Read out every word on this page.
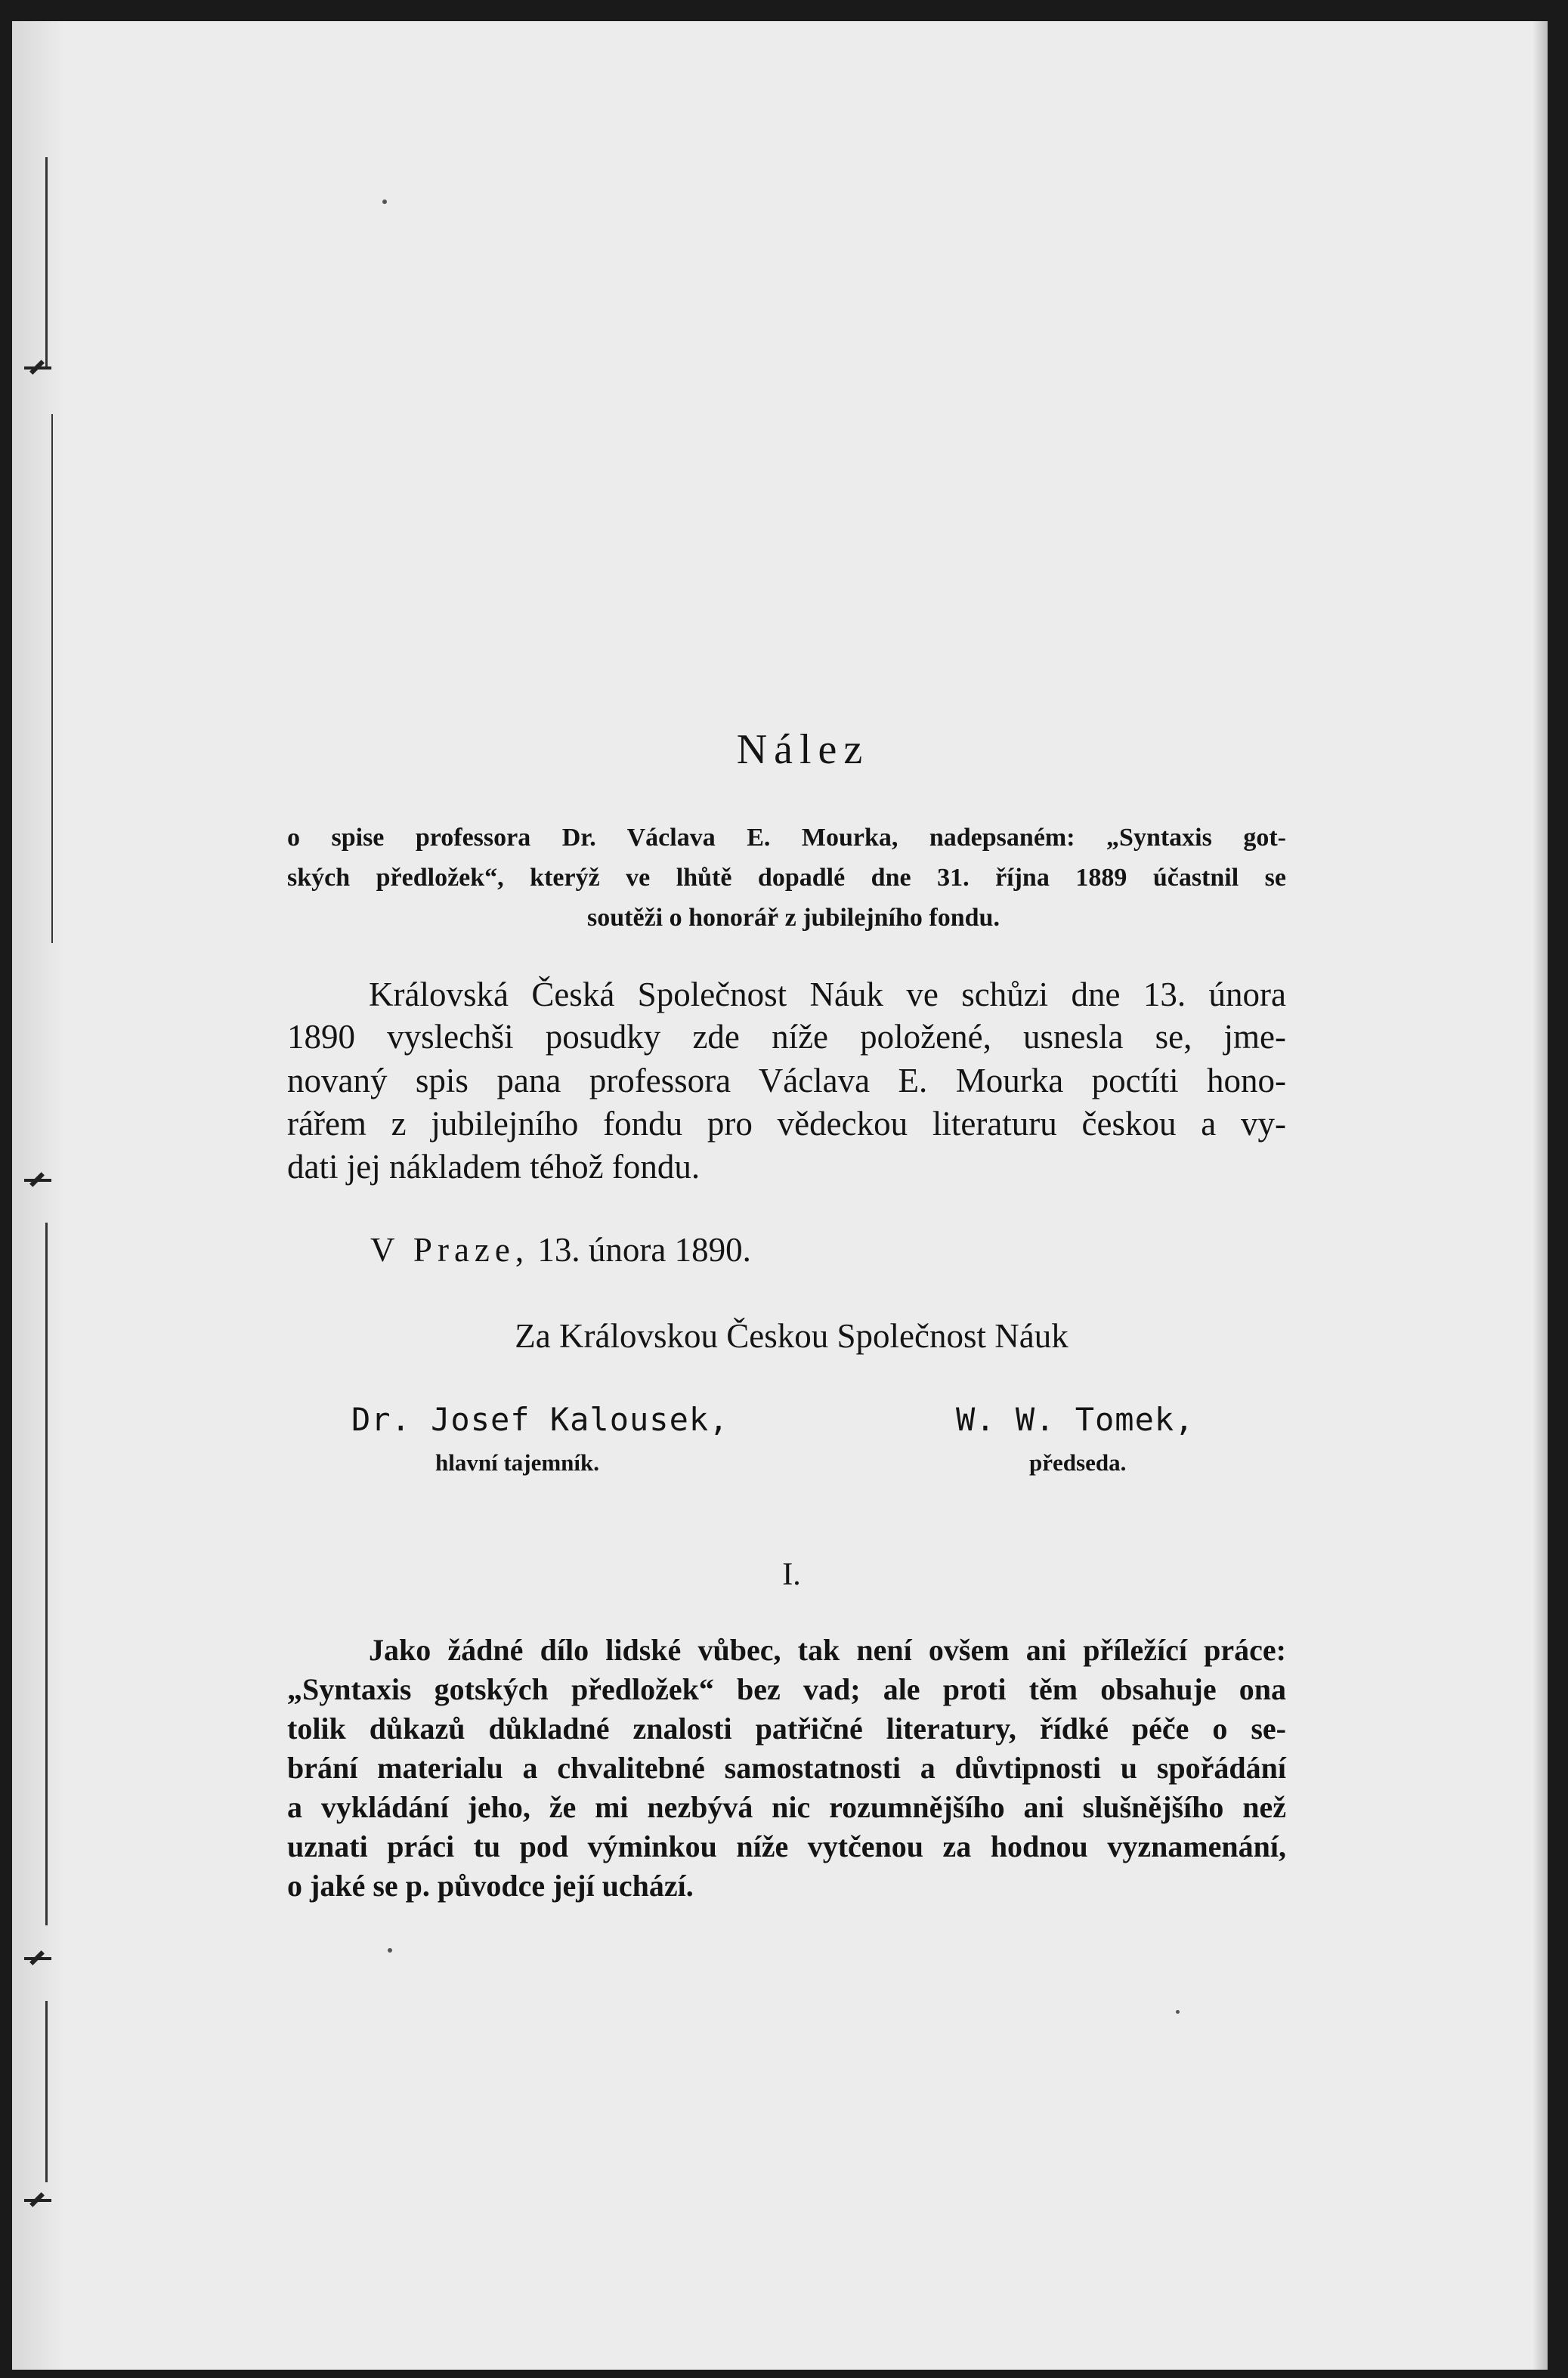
Nález
o spise professora Dr. Václava E. Mourka, nadepsaném: „Syntaxis got-
ských předložek“, kterýž ve lhůtě dopadlé dne 31. října 1889 účastnil se
soutěži o honorář z jubilejního fondu.
Královská Česká Společnost Náuk ve schůzi dne 13. února
1890 vyslechši posudky zde níže položené, usnesla se, jme-
novaný spis pana professora Václava E. Mourka poctíti hono-
rářem z jubilejního fondu pro vědeckou literaturu českou a vy-
dati jej nákladem téhož fondu.
V Praze, 13. února 1890.
Za Královskou Českou Společnost Náuk
Dr. Josef Kalousek,
hlavní tajemník.
W. W. Tomek,
předseda.
I.
Jako žádné dílo lidské vůbec, tak není ovšem ani příležící práce:
„Syntaxis gotských předložek“ bez vad; ale proti těm obsahuje ona
tolik důkazů důkladné znalosti patřičné literatury, řídké péče o se-
brání materialu a chvalitebné samostatnosti a důvtipnosti u spořádání
a vykládání jeho, že mi nezbývá nic rozumnějšího ani slušnějšího než
uznati práci tu pod výminkou níže vytčenou za hodnou vyznamenání,
o jaké se p. původce její uchází.
